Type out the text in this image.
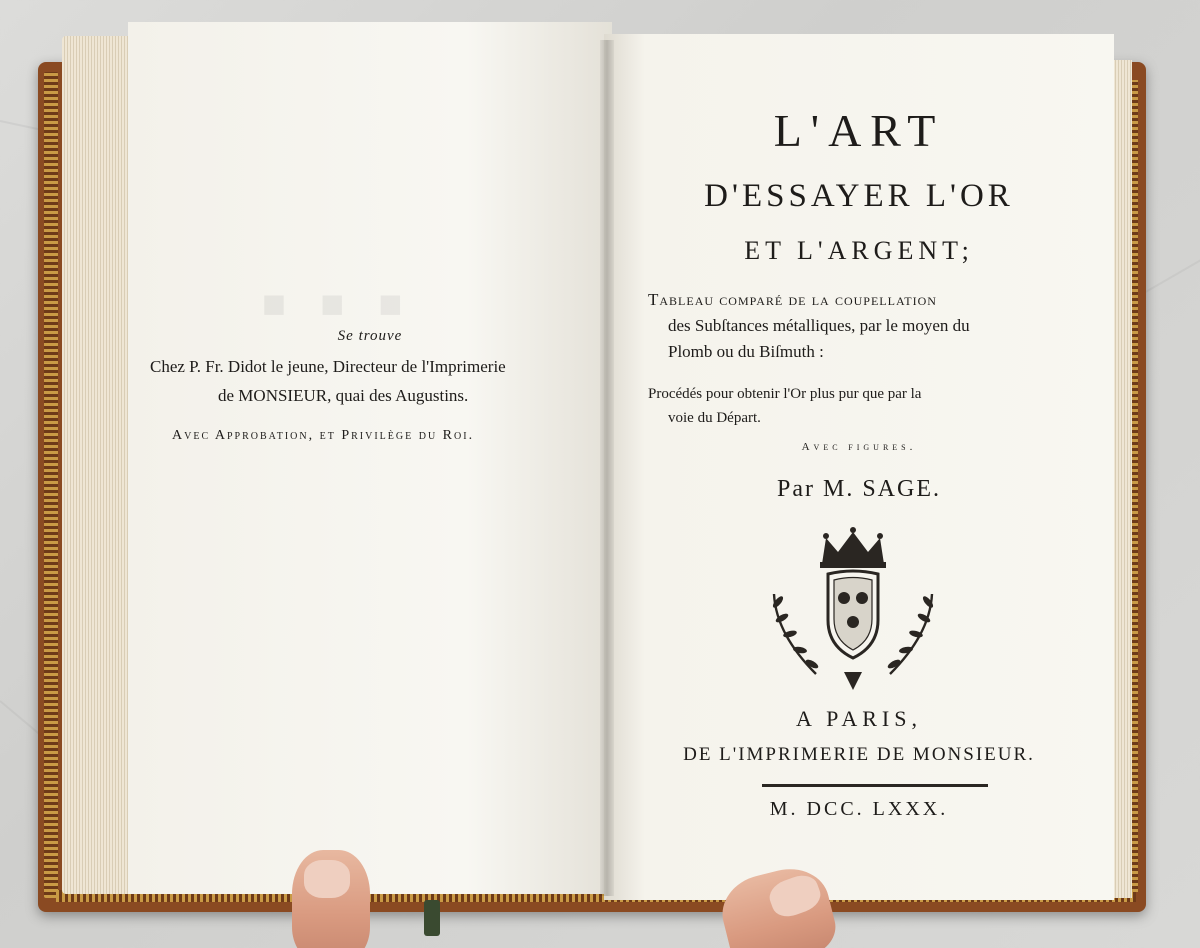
■ ■ ■
Se trouve
Chez P. Fr. Didot le jeune, Directeur de l'Imprimerie
de MONSIEUR, quai des Augustins.
Avec Approbation, et Privilège du Roi.
L'ART
D'ESSAYER L'OR
ET L'ARGENT;
Tableau comparé de la coupellation
des Subſtances métalliques, par le moyen du
Plomb ou du Biſmuth :
Procédés pour obtenir l'Or plus pur que par la
voie du Départ.
Avec figures.
Par M. SAGE.
A PARIS,
DE L'IMPRIMERIE DE MONSIEUR.
M. DCC. LXXX.
